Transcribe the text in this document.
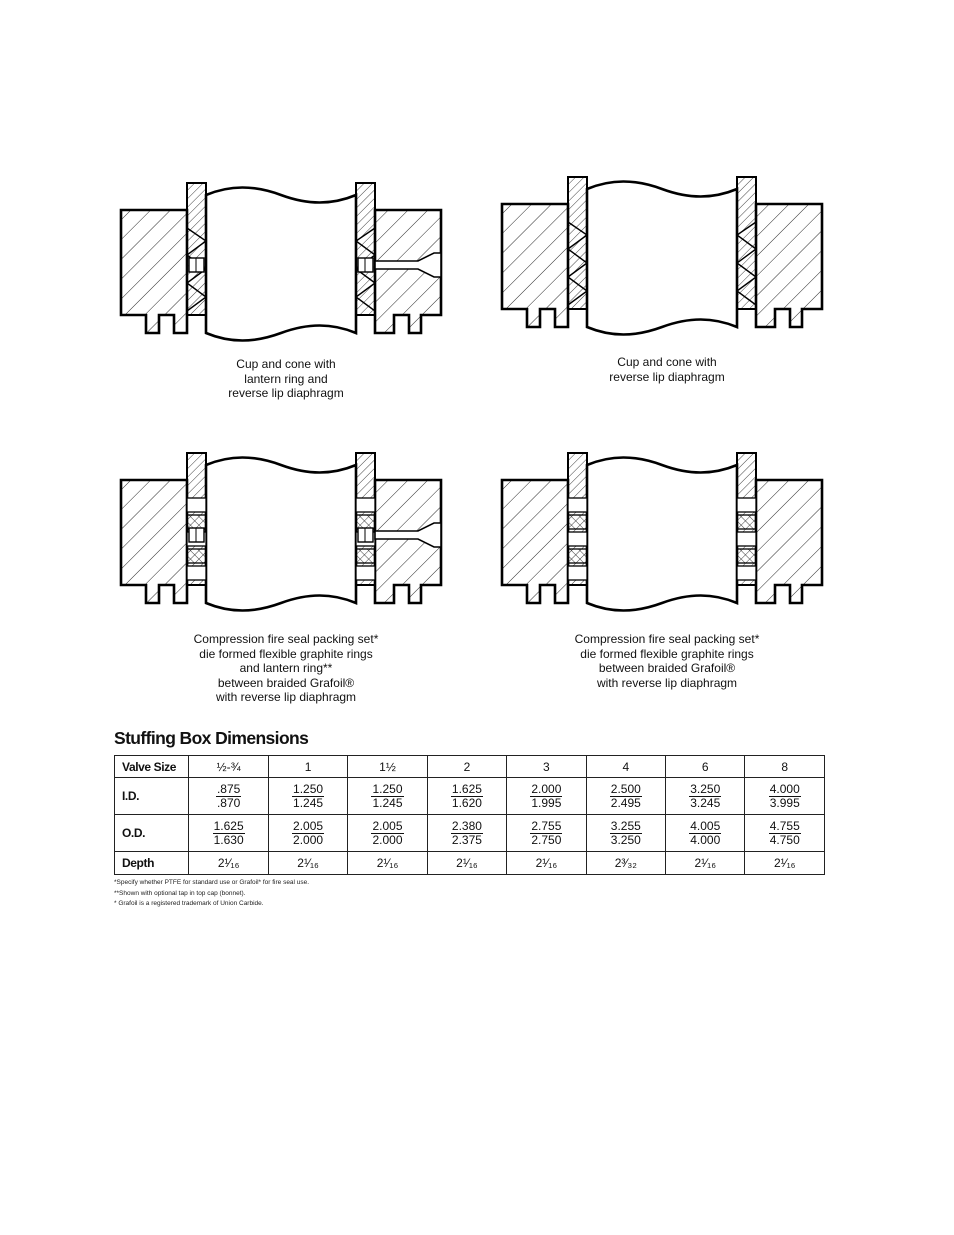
Cup and cone with
lantern ring and
reverse lip diaphragm
Cup and cone with
reverse lip diaphragm
Compression fire seal packing set*
die formed flexible graphite rings
and lantern ring**
between braided Grafoil®
with reverse lip diaphragm
Compression fire seal packing set*
die formed flexible graphite rings
between braided Grafoil®
with reverse lip diaphragm
Stuffing Box Dimensions
Valve Size	½-¾	1	1½	2	3	4	6	8
I.D.	$\frac{.875}{.870}$	$\frac{1.250}{1.245}$	$\frac{1.250}{1.245}$	$\frac{1.625}{1.620}$	$\frac{2.000}{1.995}$	$\frac{2.500}{2.495}$	$\frac{3.250}{3.245}$	$\frac{4.000}{3.995}$

O.D.	$\frac{1.625}{1.630}$	$\frac{2.005}{2.000}$	$\frac{2.005}{2.000}$	$\frac{2.380}{2.375}$	$\frac{2.755}{2.750}$	$\frac{3.255}{3.250}$	$\frac{4.005}{4.000}$	$\frac{4.755}{4.750}$

Depth	2¹⁄₁₆	2¹⁄₁₆	2¹⁄₁₆	2¹⁄₁₆	2¹⁄₁₆	2³⁄₃₂	2¹⁄₁₆	2¹⁄₁₆
*Specify whether PTFE for standard use or Grafoil* for fire seal use.
**Shown with optional tap in top cap (bonnet).
* Grafoil is a registered trademark of Union Carbide.
